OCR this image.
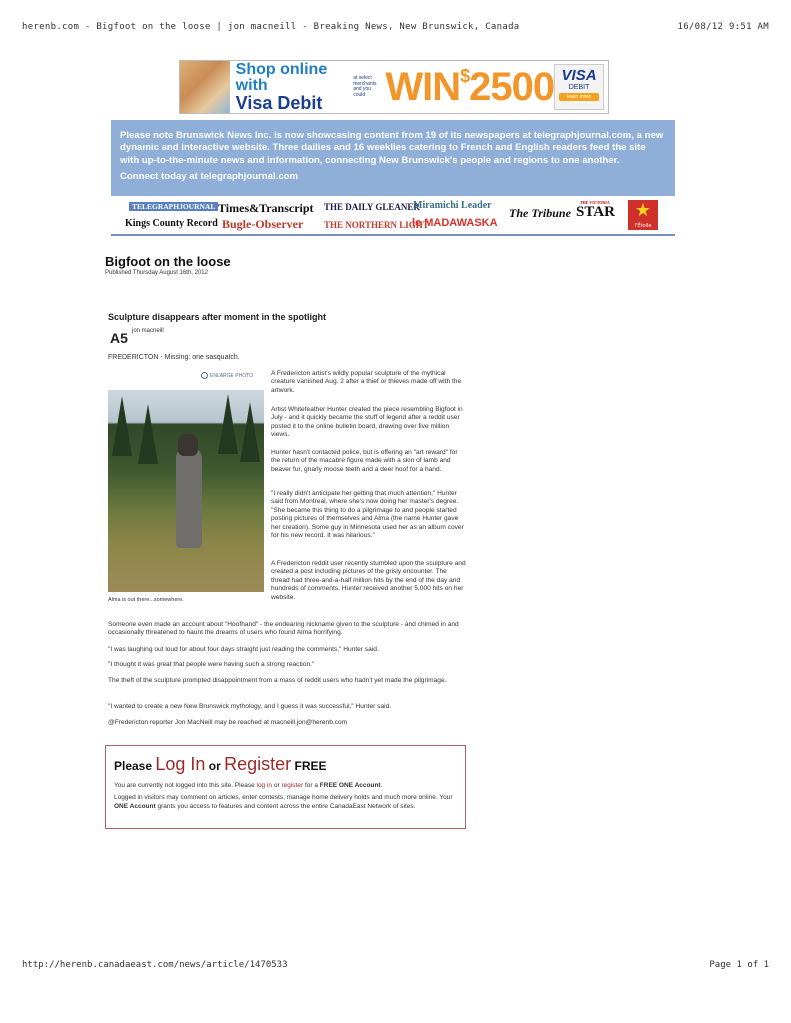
herenb.com - Bigfoot on the loose | jon macneill - Breaking News, New Brunswick, Canada	16/08/12 9:51 AM
Shop online with
Visa Debit
at select merchants and you could WIN$2500 VISA
DEBIT
learn more

Please note Brunswick News Inc. is now showcasing content from 19 of its newspapers at telegraphjournal.com, a new dynamic and interactive website. Three dailies and 16 weeklies catering to French and English readers feed the site with up-to-the-minute news and information, connecting New Brunswick's people and regions to one another.

Connect today at telegraphjournal.com

TELEGRAPHJOURNAL Times&Transcript THE DAILY GLEANER
Miramichi Leader
The Tribune
THE VICTORIA
STAR
Kings County Record Bugle-Observer THE NORTHERN LIGHT
le MADAWASKA
★
l'Étoile
Bigfoot on the loose
Published Thursday August 16th, 2012
Sculpture disappears after moment in the spotlight
A5 jon macneill
FREDERICTON - Missing: one sasquatch.
ENLARGE PHOTO
Alma is out there...somewhere.

A Fredericton artist's wildly popular sculpture of the mythical creature vanished Aug. 2 after a thief or thieves made off with the artwork.

Artist Whitefeather Hunter created the piece resembling Bigfoot in July - and it quickly became the stuff of legend after a reddit user posted it to the online bulletin board, drawing over five million views.

Hunter hasn't contacted police, but is offering an "art reward" for the return of the macabre figure made with a skin of lamb and beaver fur, gnarly moose teeth and a deer hoof for a hand.

"I really didn't anticipate her getting that much attention," Hunter said from Montreal, where she's now doing her master's degree. "She became this thing to do a pilgrimage to and people started posting pictures of themselves and Alma (the name Hunter gave her creation). Some guy in Minnesota used her as an album cover for his new record. It was hilarious."

A Fredericton reddit user recently stumbled upon the sculpture and created a post including pictures of the grisly encounter. The thread had three-and-a-half million hits by the end of the day and hundreds of comments. Hunter received another 5,000 hits on her website.

Someone even made an account about "Hoofhand" - the endearing nickname given to the sculpture - and chimed in and occasionally threatened to haunt the dreams of users who found Alma horrifying.

"I was laughing out loud for about four days straight just reading the comments," Hunter said.

"I thought it was great that people were having such a strong reaction."

The theft of the sculpture prompted disappointment from a mass of reddit users who hadn't yet made the pilgrimage.

"I wanted to create a new New Brunswick mythology, and I guess it was successful," Hunter said.

@Fredericton reporter Jon MacNeill may be reached at macneill.jon@herenb.com

Please Log In or Register FREE

You are currently not logged into this site. Please log in or register for a FREE ONE Account.

Logged in visitors may comment on articles, enter contests, manage home delivery holds and much more online. Your ONE Account grants you access to features and content across the entire CanadaEast Network of sites.

http://herenb.canadaeast.com/news/article/1470533	Page 1 of 1
